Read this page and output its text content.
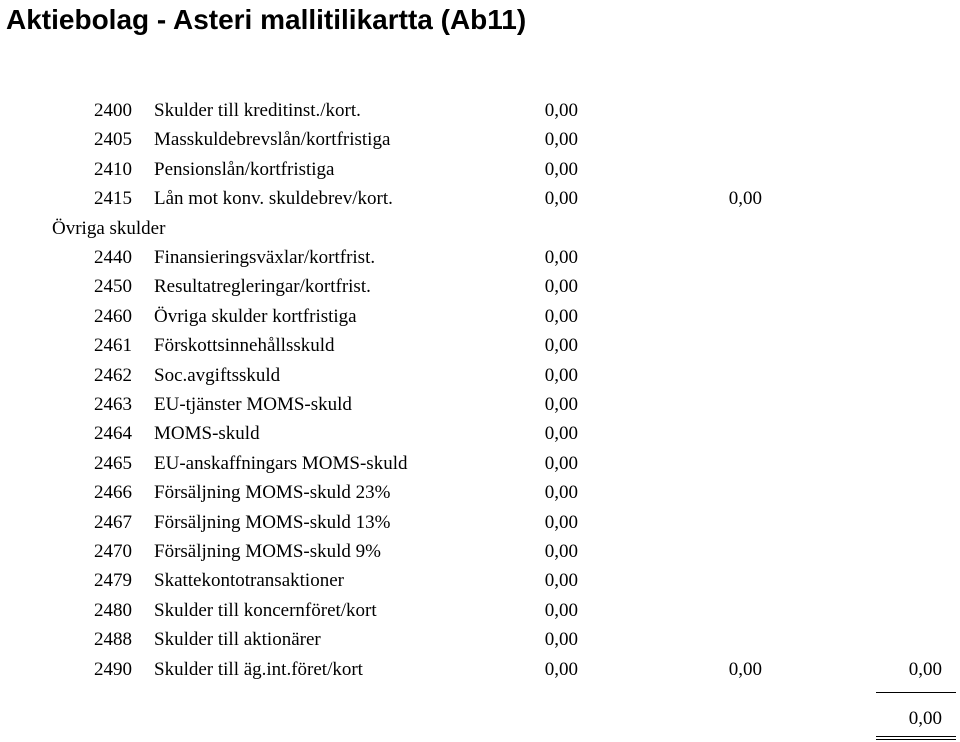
Aktiebolag - Asteri mallitilikartta (Ab11)
2400 Skulder till kreditinst./kort.	0,00
2405 Masskuldebrevslån/kortfristiga	0,00
2410 Pensionslån/kortfristiga	0,00
2415 Lån mot konv. skuldebrev/kort.	0,00	0,00
Övriga skulder
2440 Finansieringsväxlar/kortfrist.	0,00
2450 Resultatregleringar/kortfrist.	0,00
2460 Övriga skulder kortfristiga	0,00
2461 Förskottsinnehållsskuld	0,00
2462 Soc.avgiftsskuld	0,00
2463 EU-tjänster MOMS-skuld	0,00
2464 MOMS-skuld	0,00
2465 EU-anskaffningars MOMS-skuld	0,00
2466 Försäljning MOMS-skuld 23%	0,00
2467 Försäljning MOMS-skuld 13%	0,00
2470 Försäljning MOMS-skuld 9%	0,00
2479 Skattekontotransaktioner	0,00
2480 Skulder till koncernföret/kort	0,00
2488 Skulder till aktionärer	0,00
2490 Skulder till äg.int.föret/kort	0,00	0,00	0,00
0,00
